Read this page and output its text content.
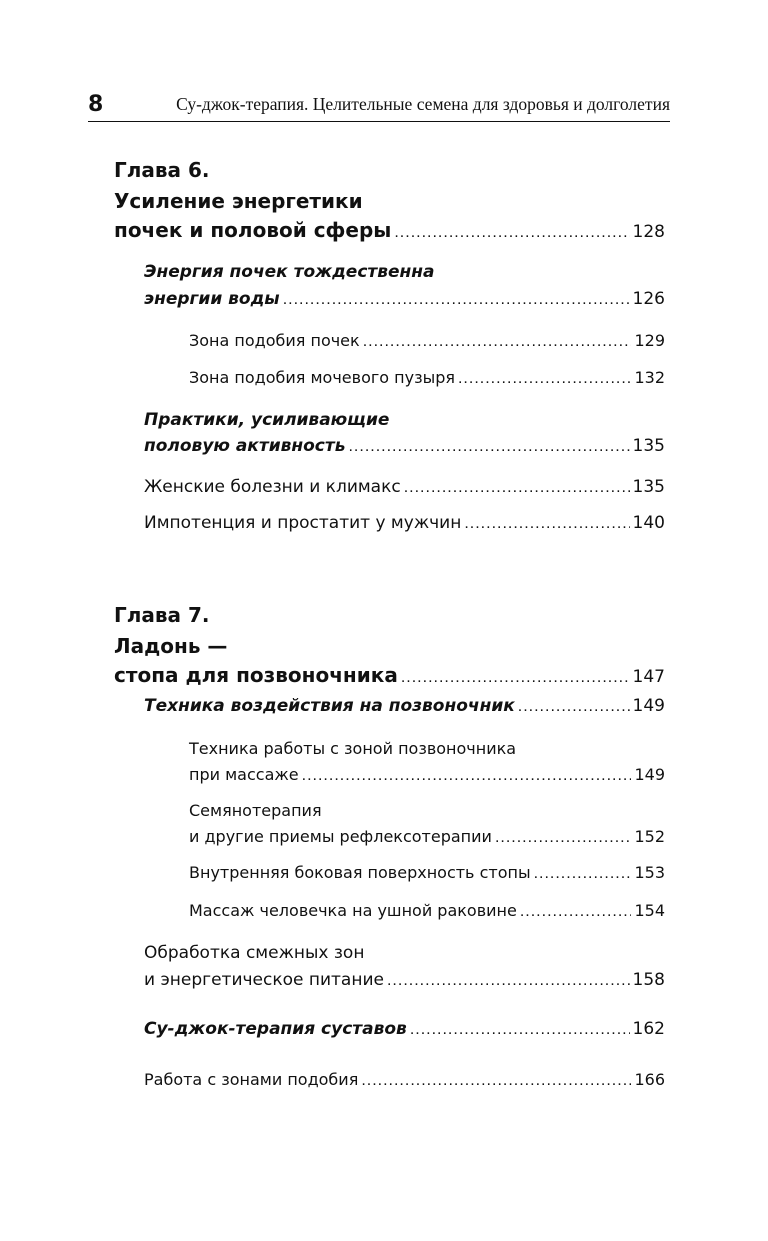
8	Су-джок-терапия. Целительные семена для здоровья и долголетия
Глава 6.
Усиление энергетики
почек и половой сферы .....	128
Энергия почек тождественна
энергии воды .....	126
Зона подобия почек .....	129
Зона подобия мочевого пузыря .....	132
Практики, усиливающие
половую активность .....	135
Женские болезни и климакс .....	135
Импотенция и простатит у мужчин .....	140
Глава 7.
Ладонь —
стопа для позвоночника .....	147
Техника воздействия на позвоночник .....	149
Техника работы с зоной позвоночника
при массаже .....	149
Семянотерапия
и другие приемы рефлексотерапии .....	152
Внутренняя боковая поверхность стопы .....	153
Массаж человечка на ушной раковине .....	154
Обработка смежных зон
и энергетическое питание .....	158
Су-джок-терапия суставов .....	162
Работа с зонами подобия .....	166
